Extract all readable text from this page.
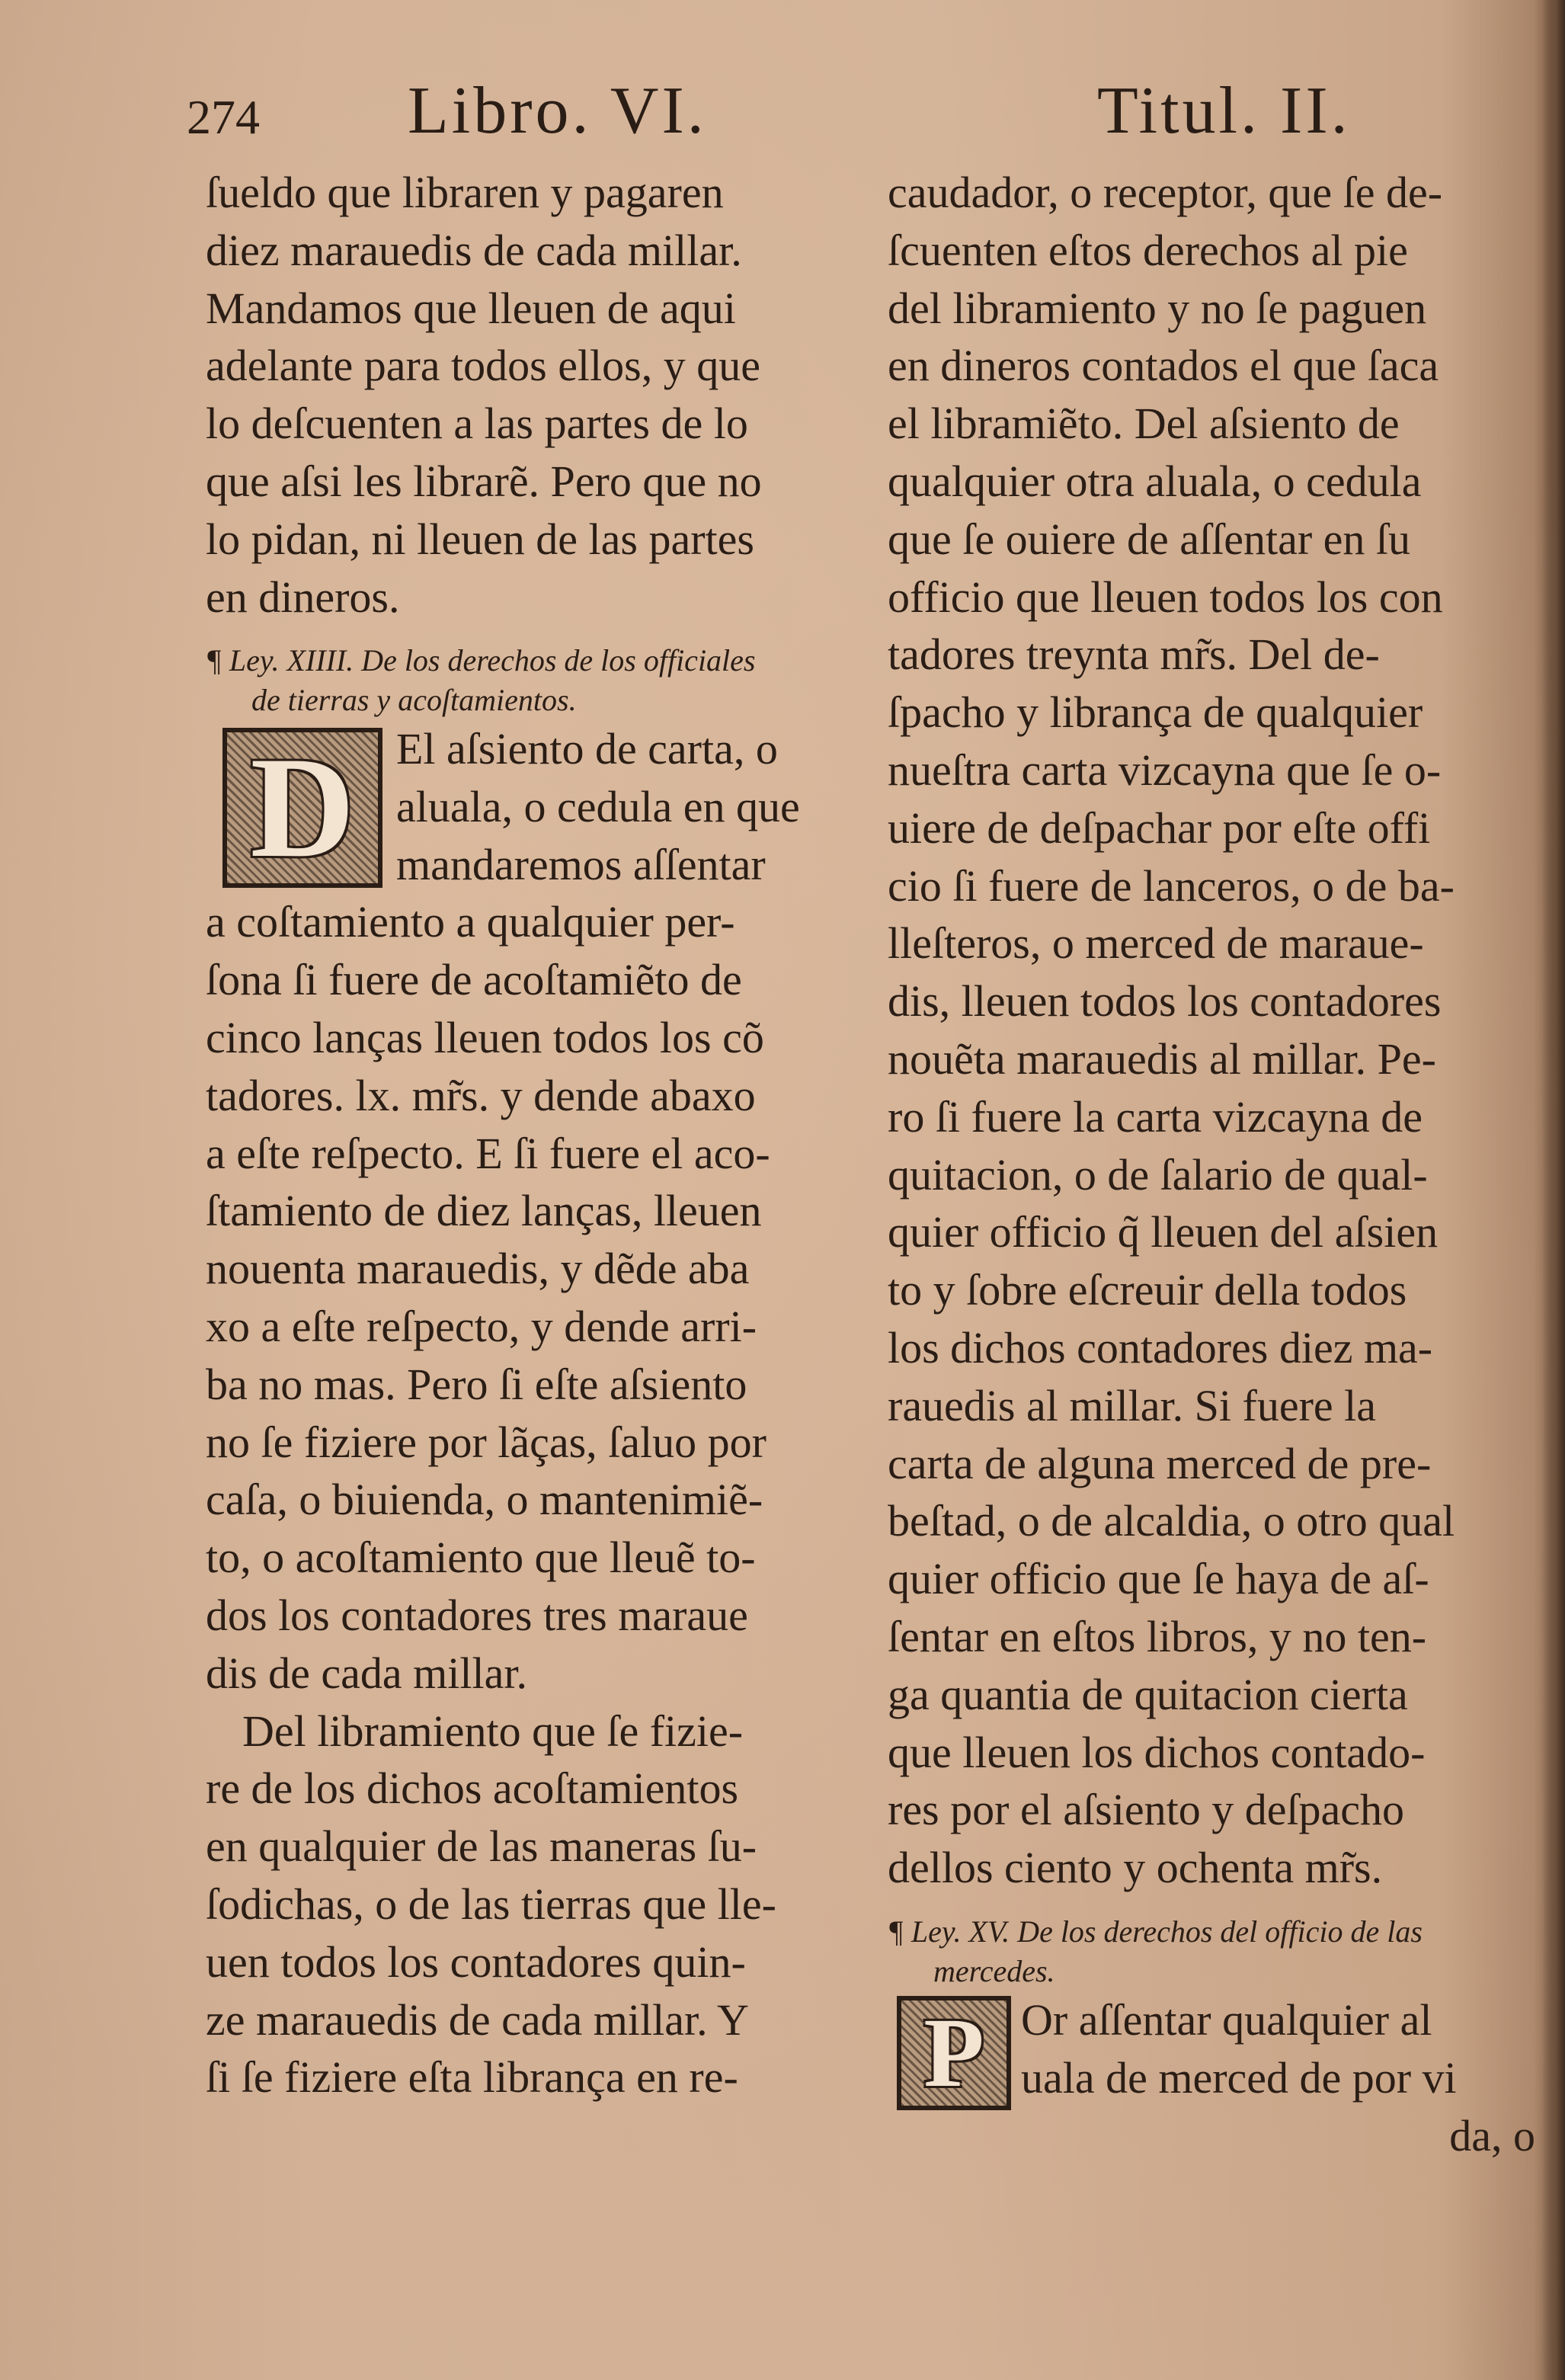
274 Libro. VI.	Titul. II.
ſueldo que libraren y pagaren
diez marauedis de cada millar.
Mandamos que lleuen de aqui
adelante para todos ellos, y que
lo deſcuenten a las partes de lo
que aſsi les librarẽ. Pero que no
lo pidan, ni lleuen de las partes
en dineros.
¶ Ley. XIIII. De los derechos de los officiales
de tierras y acoſtamientos.
D El aſsiento de carta, o
aluala, o cedula en que
mandaremos aſſentar
a coſtamiento a qualquier per-
ſona ſi fuere de acoſtamiẽto de
cinco lanças lleuen todos los cõ
tadores. lx. mr̃s. y dende abaxo
a eſte reſpecto. E ſi fuere el aco-
ſtamiento de diez lanças, lleuen
nouenta marauedis, y dẽde aba
xo a eſte reſpecto, y dende arri-
ba no mas. Pero ſi eſte aſsiento
no ſe fiziere por lãças, ſaluo por
caſa, o biuienda, o mantenimiẽ-
to, o acoſtamiento que lleuẽ to-
dos los contadores tres maraue
dis de cada millar.
Del libramiento que ſe fizie-
re de los dichos acoſtamientos
en qualquier de las maneras ſu-
ſodichas, o de las tierras que lle-
uen todos los contadores quin-
ze marauedis de cada millar. Y
ſi ſe fiziere eſta librança en re-
caudador, o receptor, que ſe de-
ſcuenten eſtos derechos al pie
del libramiento y no ſe paguen
en dineros contados el que ſaca
el libramiẽto. Del aſsiento de
qualquier otra aluala, o cedula
que ſe ouiere de aſſentar en ſu
officio que lleuen todos los con
tadores treynta mr̃s. Del de-
ſpacho y librança de qualquier
nueſtra carta vizcayna que ſe o-
uiere de deſpachar por eſte offi
cio ſi fuere de lanceros, o de ba-
lleſteros, o merced de maraue-
dis, lleuen todos los contadores
nouẽta marauedis al millar. Pe-
ro ſi fuere la carta vizcayna de
quitacion, o de ſalario de qual-
quier officio q̃ lleuen del aſsien
to y ſobre eſcreuir della todos
los dichos contadores diez ma-
rauedis al millar. Si fuere la
carta de alguna merced de pre-
beſtad, o de alcaldia, o otro qual
quier officio que ſe haya de aſ-
ſentar en eſtos libros, y no ten-
ga quantia de quitacion cierta
que lleuen los dichos contado-
res por el aſsiento y deſpacho
dellos ciento y ochenta mr̃s.
¶ Ley. XV. De los derechos del officio de las
mercedes.
P Or aſſentar qualquier al
uala de merced de por vi
da, o
